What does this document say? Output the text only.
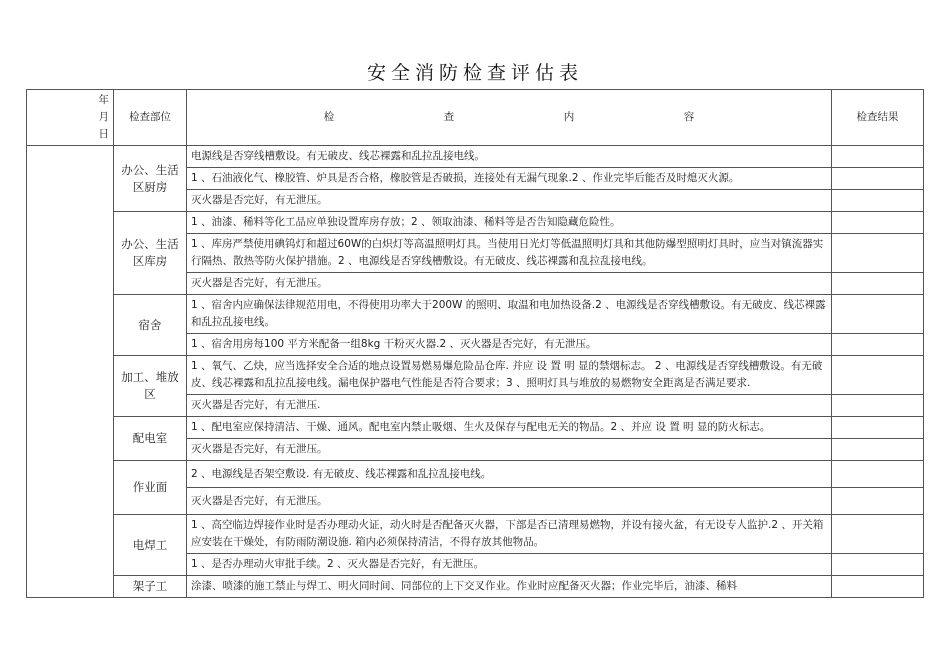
安全消防检查评估表
年
月
日	检查部位	检 查 内 容	检查结果
	办公、生活区厨房	电源线是否穿线槽敷设。有无破皮、线芯裸露和乱拉乱接电线。	
		1 、石油液化气、橡胶管、炉具是否合格，橡胶管是否破损，连接处有无漏气现象.2 、作业完毕后能否及时熄灭火源。	
		灭火器是否完好，有无泄压。	
	办公、生活区库房	1 、油漆、稀料等化工品应单独设置库房存放；2 、领取油漆、稀料等是否告知隐藏危险性。	
		1 、库房严禁使用碘钨灯和超过60W的白炽灯等高温照明灯具。当使用日光灯等低温照明灯具和其他防爆型照明灯具时，应当对镇流器实行隔热、散热等防火保护措施。2 、电源线是否穿线槽敷设。有无破皮、线芯裸露和乱拉乱接电线。	
		灭火器是否完好，有无泄压。	
	宿舍	1 、宿舍内应确保法律规范用电，不得使用功率大于200W 的照明、取温和电加热设备.2 、电源线是否穿线槽敷设。有无破皮、线芯裸露和乱拉乱接电线。	
		1 、宿舍用房每100 平方米配备一组8kg 干粉灭火器.2 、灭火器是否完好，有无泄压。	
	加工、堆放区	1 、氧气、乙炔，应当选择安全合适的地点设置易燃易爆危险品仓库. 并应 设 置 明 显的禁烟标志。 2 、电源线是否穿线槽敷设。有无破皮、线芯裸露和乱拉乱接电线。漏电保护器电气性能是否符合要求；3 、照明灯具与堆放的易燃物安全距离是否满足要求.	
		灭火器是否完好，有无泄压.	
	配电室	1 、配电室应保持清洁、干燥、通风。配电室内禁止吸烟、生火及保存与配电无关的物品。2 、并应 设 置 明 显的防火标志。	
		灭火器是否完好，有无泄压。	
	作业面	2 、电源线是否架空敷设. 有无破皮、线芯裸露和乱拉乱接电线。	
		灭火器是否完好，有无泄压。	
	电焊工	1 、高空临边焊接作业时是否办理动火证，动火时是否配备灭火器，下部是否已清理易燃物，并设有接火盆，有无设专人监护.2 、开关箱应安装在干燥处，有防雨防潮设施. 箱内必须保持清洁，不得存放其他物品。	
		1 、是否办理动火审批手续。2 、灭火器是否完好，有无泄压。	
	架子工	涂漆、喷漆的施工禁止与焊工、明火同时间、同部位的上下交叉作业。作业时应配备灭火器；作业完毕后，油漆、稀料	
